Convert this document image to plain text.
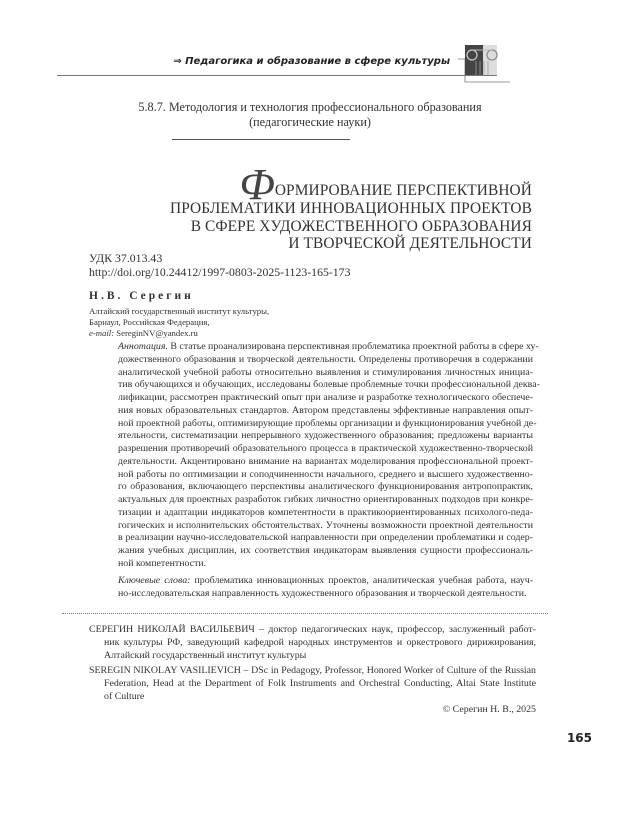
⇒ Педагогика и образование в сфере культуры
5.8.7. Методология и технология профессионального образования
(педагогические науки)
ФОРМИРОВАНИЕ ПЕРСПЕКТИВНОЙ
ПРОБЛЕМАТИКИ ИННОВАЦИОННЫХ ПРОЕКТОВ
В СФЕРЕ ХУДОЖЕСТВЕННОГО ОБРАЗОВАНИЯ
И ТВОРЧЕСКОЙ ДЕЯТЕЛЬНОСТИ
УДК 37.013.43
http://doi.org/10.24412/1997-0803-2025-1123-165-173
Н.В. Серегин
Алтайский государственный институт культуры,
Барнаул, Российская Федерация,
e-mail: SereginNV@yandex.ru
Аннотация. В статье проанализирована перспективная проблематика проектной работы в сфере ху-
дожественного образования и творческой деятельности. Определены противоречия в содержании
аналитической учебной работы относительно выявления и стимулирования личностных инициа-
тив обучающихся и обучающих, исследованы болевые проблемные точки профессиональной деква-
лификации, рассмотрен практический опыт при анализе и разработке технологического обеспече-
ния новых образовательных стандартов. Автором представлены эффективные направления опыт-
ной проектной работы, оптимизирующие проблемы организации и функционирования учебной де-
ятельности, систематизации непрерывного художественного образования; предложены варианты
разрешения противоречий образовательного процесса в практической художественно-творческой
деятельности. Акцентировано внимание на вариантах моделирования профессиональной проект-
ной работы по оптимизации и соподчиненности начального, среднего и высшего художественно-
го образования, включающего перспективы аналитического функционирования антропопрактик,
актуальных для проектных разработок гибких личностно ориентированных подходов при конкре-
тизации и адаптации индикаторов компетентности в практикоориентированных психолого-педа-
гогических и исполнительских обстоятельствах. Уточнены возможности проектной деятельности
в реализации научно-исследовательской направленности при определении проблематики и содер-
жания учебных дисциплин, их соответствия индикаторам выявления сущности профессиональ-
ной компетентности.
Ключевые слова: проблематика инновационных проектов, аналитическая учебная работа, науч-
но-исследовательская направленность художественного образования и творческой деятельности.
СЕРЕГИН НИКОЛАЙ ВАСИЛЬЕВИЧ – доктор педагогических наук, профессор, заслуженный работ-
ник культуры РФ, заведующий кафедрой народных инструментов и оркестрового дирижирования,
Алтайский государственный институт культуры
SEREGIN NIKOLAY VASILIEVICH – DSc in Pedagogy, Professor, Honored Worker of Culture of the Russian
Federation, Head at the Department of Folk Instruments and Orchestral Conducting, Altai State Institute
of Culture
© Серегин Н. В., 2025
165
